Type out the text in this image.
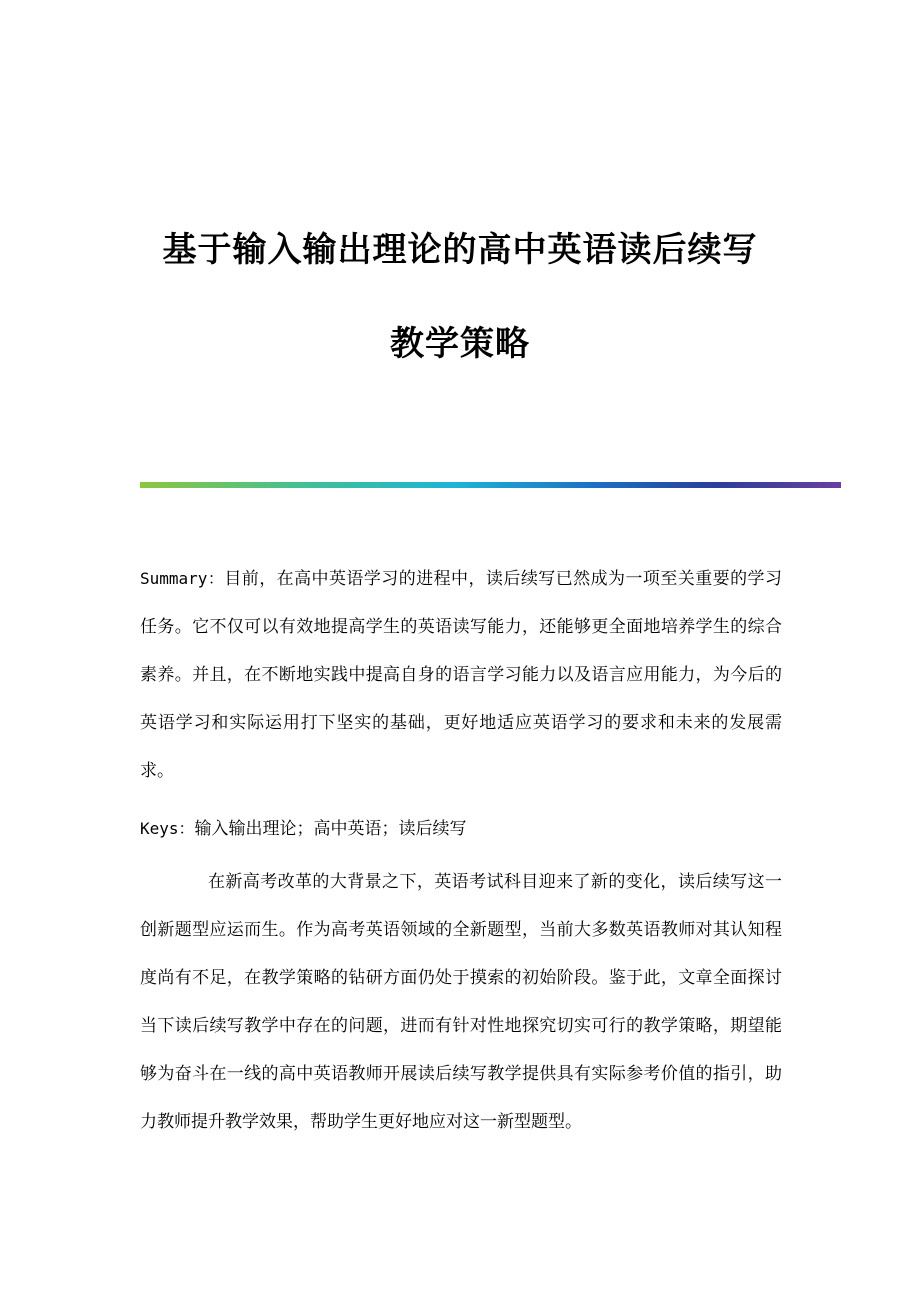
基于输入输出理论的高中英语读后续写
教学策略
Summary：目前，在高中英语学习的进程中，读后续写已然成为一项至关重要的学习任务。它不仅可以有效地提高学生的英语读写能力，还能够更全面地培养学生的综合素养。并且，在不断地实践中提高自身的语言学习能力以及语言应用能力，为今后的英语学习和实际运用打下坚实的基础，更好地适应英语学习的要求和未来的发展需求。
Keys：输入输出理论；高中英语；读后续写
在新高考改革的大背景之下，英语考试科目迎来了新的变化，读后续写这一创新题型应运而生。作为高考英语领域的全新题型，当前大多数英语教师对其认知程度尚有不足，在教学策略的钻研方面仍处于摸索的初始阶段。鉴于此，文章全面探讨当下读后续写教学中存在的问题，进而有针对性地探究切实可行的教学策略，期望能够为奋斗在一线的高中英语教师开展读后续写教学提供具有实际参考价值的指引，助力教师提升教学效果，帮助学生更好地应对这一新型题型。
